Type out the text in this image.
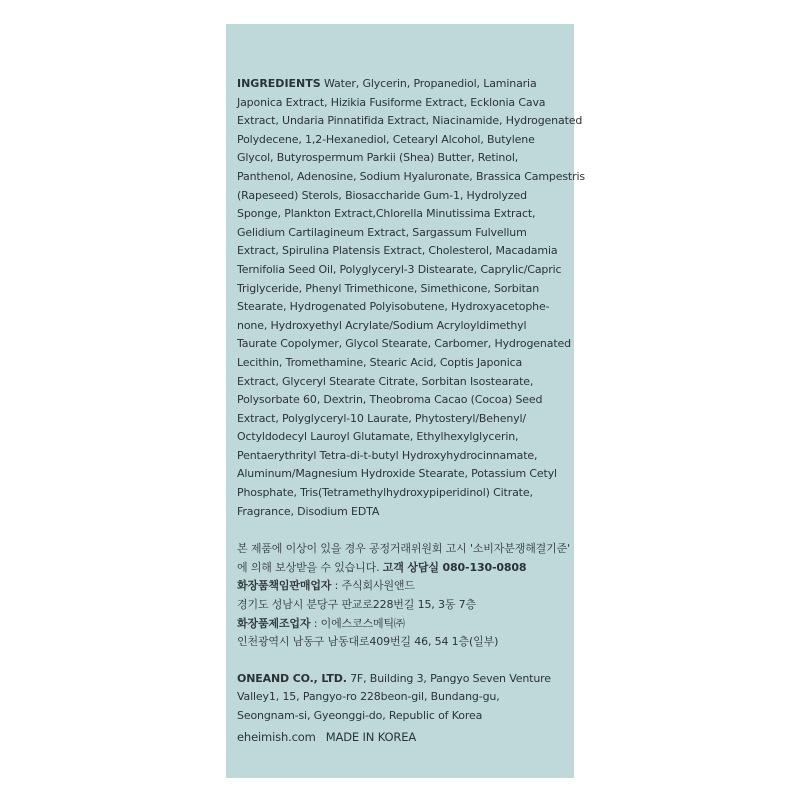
INGREDIENTS Water, Glycerin, Propanediol, Laminaria
Japonica Extract, Hizikia Fusiforme Extract, Ecklonia Cava
Extract, Undaria Pinnatifida Extract, Niacinamide, Hydrogenated
Polydecene, 1,2-Hexanediol, Cetearyl Alcohol, Butylene
Glycol, Butyrospermum Parkii (Shea) Butter, Retinol,
Panthenol, Adenosine, Sodium Hyaluronate, Brassica Campestris
(Rapeseed) Sterols, Biosaccharide Gum-1, Hydrolyzed
Sponge, Plankton Extract,Chlorella Minutissima Extract,
Gelidium Cartilagineum Extract, Sargassum Fulvellum
Extract, Spirulina Platensis Extract, Cholesterol, Macadamia
Ternifolia Seed Oil, Polyglyceryl-3 Distearate, Caprylic/Capric
Triglyceride, Phenyl Trimethicone, Simethicone, Sorbitan
Stearate, Hydrogenated Polyisobutene, Hydroxyacetophe-
none, Hydroxyethyl Acrylate/Sodium Acryloyldimethyl
Taurate Copolymer, Glycol Stearate, Carbomer, Hydrogenated
Lecithin, Tromethamine, Stearic Acid, Coptis Japonica
Extract, Glyceryl Stearate Citrate, Sorbitan Isostearate,
Polysorbate 60, Dextrin, Theobroma Cacao (Cocoa) Seed
Extract, Polyglyceryl-10 Laurate, Phytosteryl/Behenyl/
Octyldodecyl Lauroyl Glutamate, Ethylhexylglycerin,
Pentaerythrityl Tetra-di-t-butyl Hydroxyhydrocinnamate,
Aluminum/Magnesium Hydroxide Stearate, Potassium Cetyl
Phosphate, Tris(Tetramethylhydroxypiperidinol) Citrate,
Fragrance, Disodium EDTA
본 제품에 이상이 있을 경우 공정거래위원회 고시 '소비자분쟁해결기준'
에 의해 보상받을 수 있습니다. 고객 상담실 080-130-0808
화장품책임판매업자 : 주식회사원앤드
경기도 성남시 분당구 판교로228번길 15, 3동 7층
화장품제조업자 : 이에스코스메틱㈜
인천광역시 남동구 남동대로409번길 46, 54 1층(일부)
ONEAND CO., LTD. 7F, Building 3, Pangyo Seven Venture
Valley1, 15, Pangyo-ro 228beon-gil, Bundang-gu,
Seongnam-si, Gyeonggi-do, Republic of Korea
eheimish.com MADE IN KOREA
